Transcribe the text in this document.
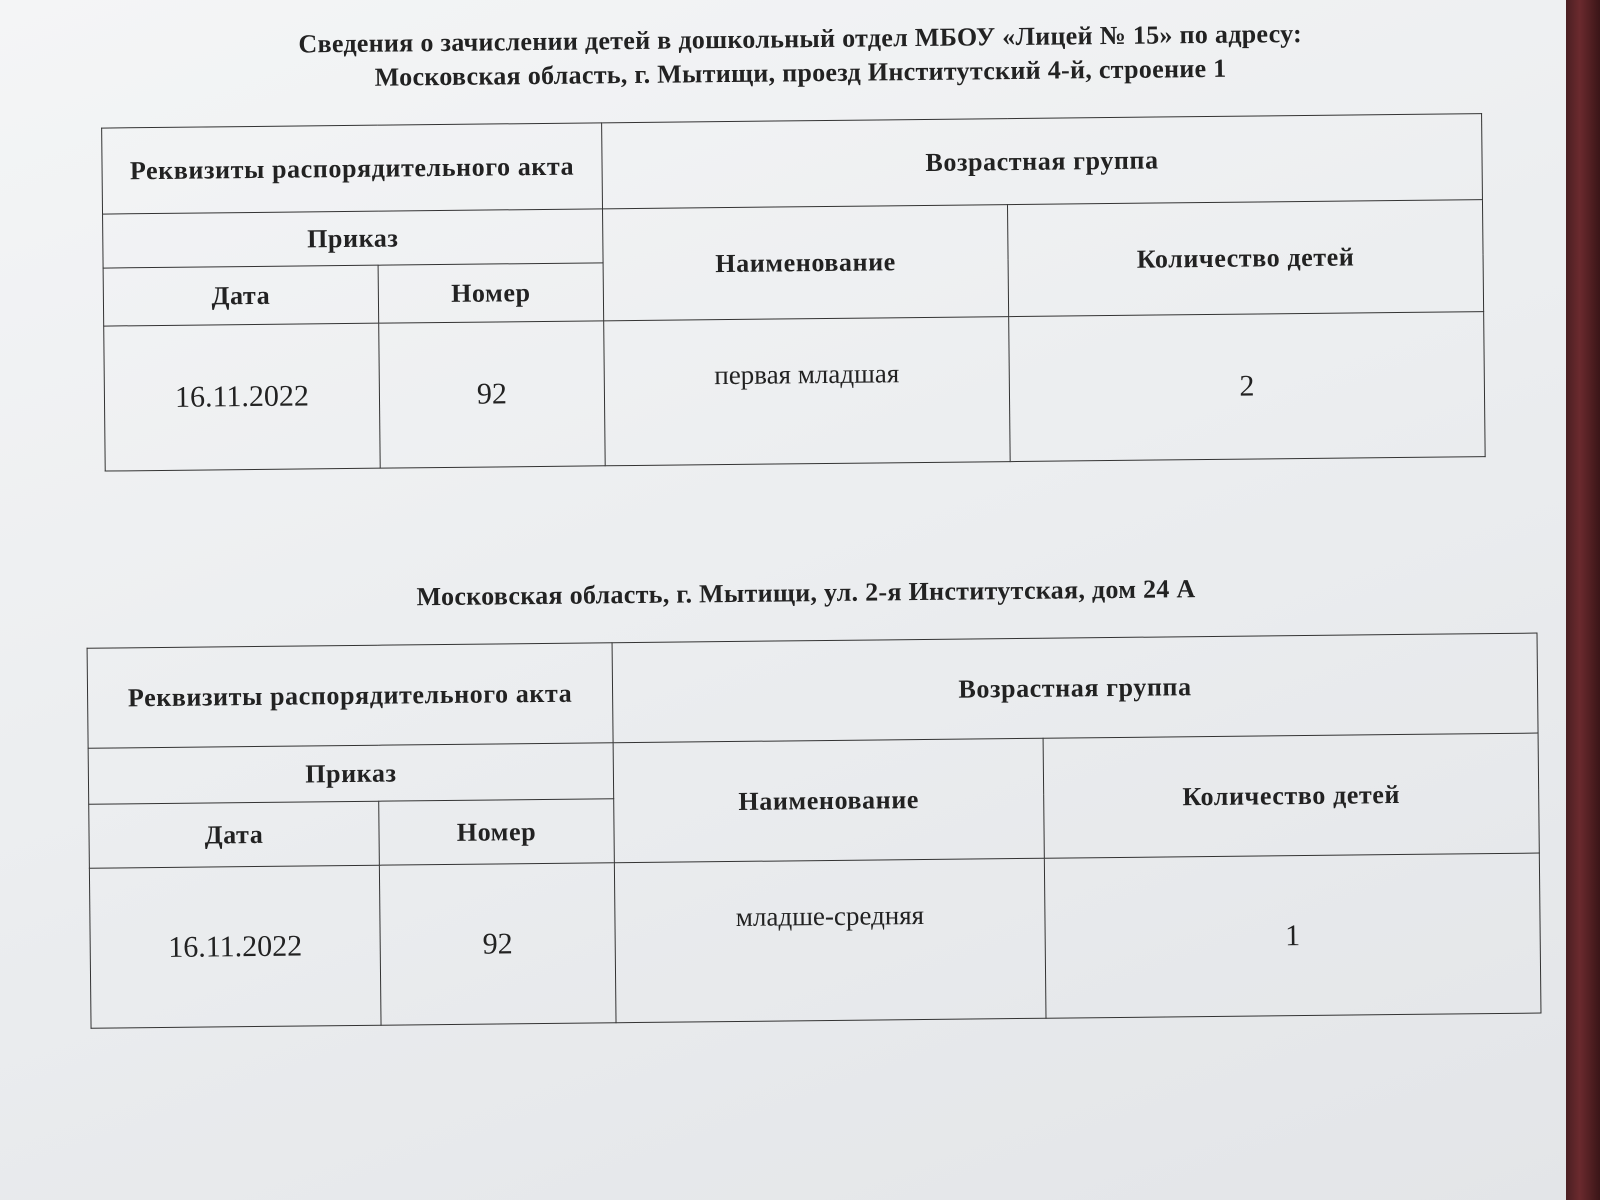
Сведения о зачислении детей в дошкольный отдел МБОУ «Лицей № 15» по адресу:
Московская область, г. Мытищи, проезд Институтский 4-й, строение 1
Реквизиты распорядительного акта		Возрастная группа	
Приказ		Наименование	Количество детей
Дата	Номер		
16.11.2022	92	первая младшая	2
Московская область, г. Мытищи, ул. 2-я Институтская, дом 24 А
Реквизиты распорядительного акта		Возрастная группа	
Приказ		Наименование	Количество детей
Дата	Номер		
16.11.2022	92	младше-средняя	1
